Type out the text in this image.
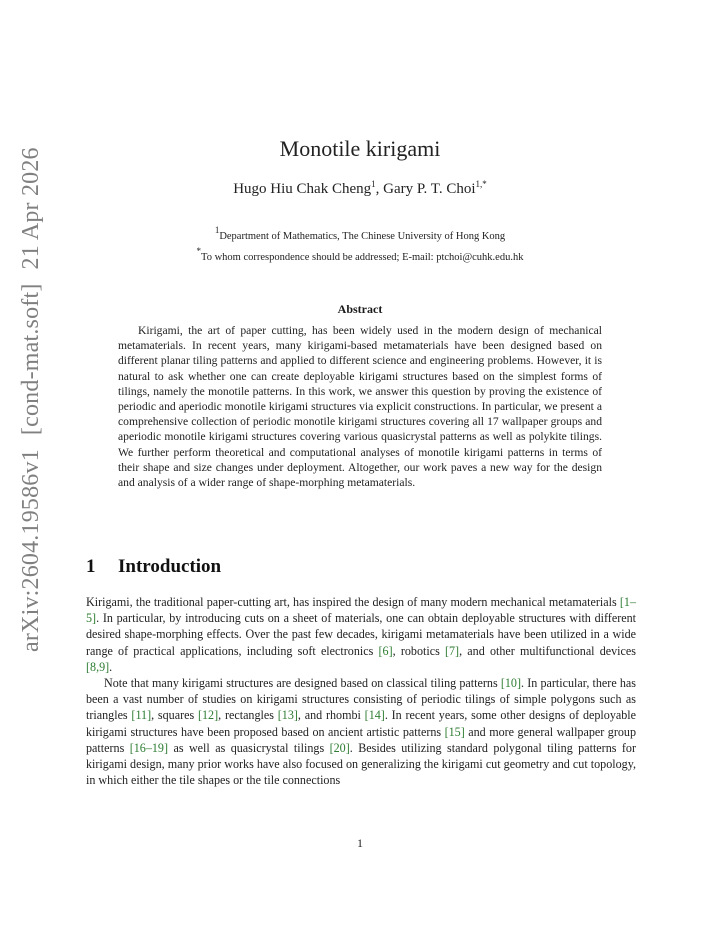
arXiv:2604.19586v1[cond-mat.soft]21 Apr 2026	Monotile kirigami
Hugo Hiu Chak Cheng$^1$, Gary P. T. Choi$^{1,*}$
$^1$Department of Mathematics, The Chinese University of Hong Kong
*To whom correspondence should be addressed; E-mail: ptchoi@cuhk.edu.hk
Abstract

Kirigami, the art of paper cutting, has been widely used in the modern design of mechanical metamaterials. In recent years, many kirigami-based metamaterials have been designed based on different planar tiling patterns and applied to different science and engineering problems. However, it is natural to ask whether one can create deployable kirigami structures based on the simplest forms of tilings, namely the monotile patterns. In this work, we answer this question by proving the existence of periodic and aperiodic monotile kirigami structures via explicit constructions. In particular, we present a comprehensive collection of periodic monotile kirigami structures covering all 17 wallpaper groups and aperiodic monotile kirigami structures covering various quasicrystal patterns as well as polykite tilings. We further perform theoretical and computational analyses of monotile kirigami patterns in terms of their shape and size changes under deployment. Altogether, our work paves a new way for the design and analysis of a wider range of shape-morphing metamaterials.

1 Introduction

Kirigami, the traditional paper-cutting art, has inspired the design of many modern mechanical metamaterials [1–5]. In particular, by introducing cuts on a sheet of materials, one can obtain deployable structures with different desired shape-morphing effects. Over the past few decades, kirigami metamaterials have been utilized in a wide range of practical applications, including soft electronics [6], robotics [7], and other multifunctional devices [8,9].

Note that many kirigami structures are designed based on classical tiling patterns [10]. In particular, there has been a vast number of studies on kirigami structures consisting of periodic tilings of simple polygons such as triangles [11], squares [12], rectangles [13], and rhombi [14]. In recent years, some other designs of deployable kirigami structures have been proposed based on ancient artistic patterns [15] and more general wallpaper group patterns [16–19] as well as quasicrystal tilings [20]. Besides utilizing standard polygonal tiling patterns for kirigami design, many prior works have also focused on generalizing the kirigami cut geometry and cut topology, in which either the tile shapes or the tile connections

1
